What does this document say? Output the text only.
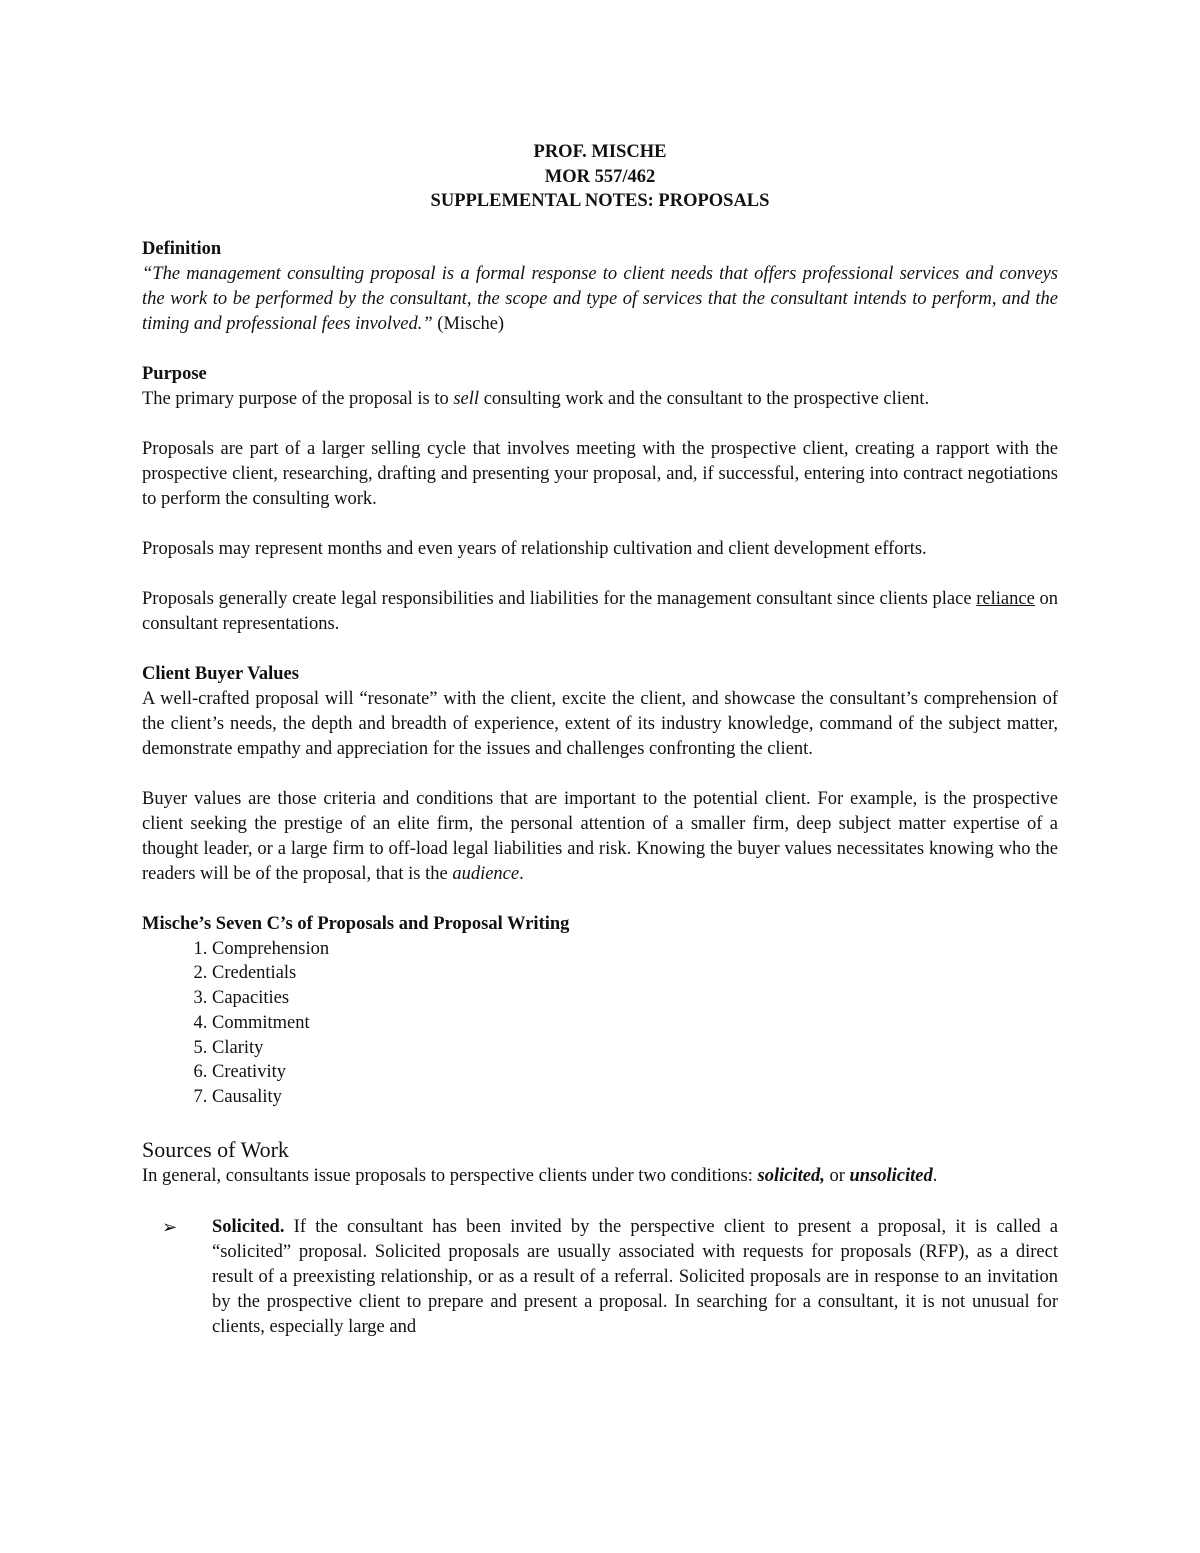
PROF. MISCHE
MOR 557/462
SUPPLEMENTAL NOTES: PROPOSALS
Definition

“The management consulting proposal is a formal response to client needs that offers professional services and conveys the work to be performed by the consultant, the scope and type of services that the consultant intends to perform, and the timing and professional fees involved.” (Mische)

Purpose

The primary purpose of the proposal is to sell consulting work and the consultant to the prospective client.

Proposals are part of a larger selling cycle that involves meeting with the prospective client, creating a rapport with the prospective client, researching, drafting and presenting your proposal, and, if successful, entering into contract negotiations to perform the consulting work.

Proposals may represent months and even years of relationship cultivation and client development efforts.

Proposals generally create legal responsibilities and liabilities for the management consultant since clients place reliance on consultant representations.

Client Buyer Values

A well-crafted proposal will “resonate” with the client, excite the client, and showcase the consultant’s comprehension of the client’s needs, the depth and breadth of experience, extent of its industry knowledge, command of the subject matter, demonstrate empathy and appreciation for the issues and challenges confronting the client.

Buyer values are those criteria and conditions that are important to the potential client. For example, is the prospective client seeking the prestige of an elite firm, the personal attention of a smaller firm, deep subject matter expertise of a thought leader, or a large firm to off-load legal liabilities and risk. Knowing the buyer values necessitates knowing who the readers will be of the proposal, that is the audience.

Mische’s Seven C’s of Proposals and Proposal Writing
1. Comprehension
2. Credentials
3. Capacities
4. Commitment
5. Clarity
6. Creativity
7. Causality
Sources of Work

In general, consultants issue proposals to perspective clients under two conditions: solicited, or unsolicited.

➢ Solicited. If the consultant has been invited by the perspective client to present a proposal, it is called a “solicited” proposal. Solicited proposals are usually associated with requests for proposals (RFP), as a direct result of a preexisting relationship, or as a result of a referral. Solicited proposals are in response to an invitation by the prospective client to prepare and present a proposal. In searching for a consultant, it is not unusual for clients, especially large and
